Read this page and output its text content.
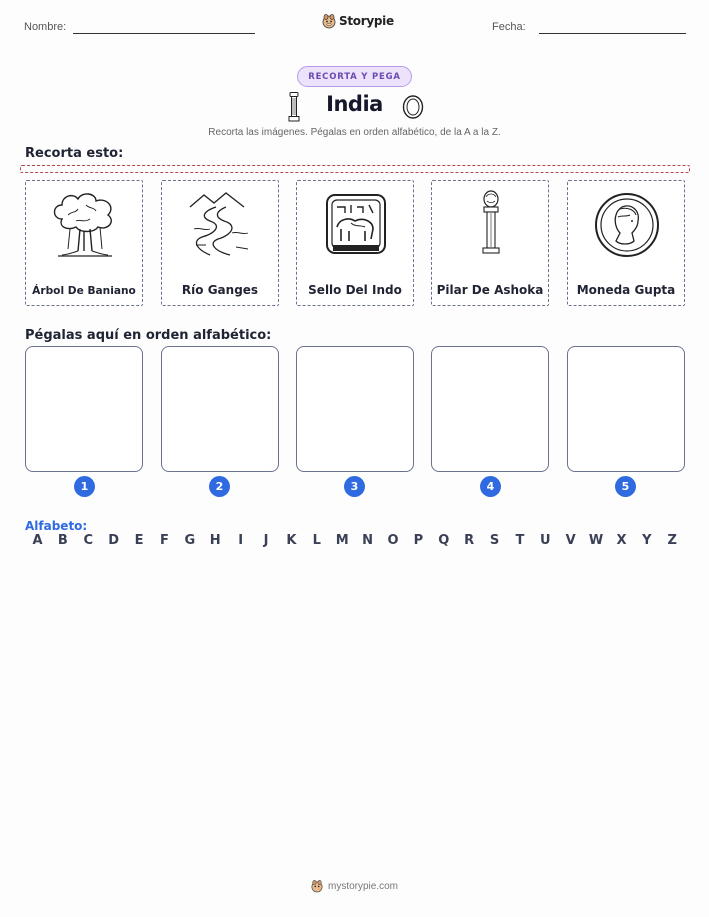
Nombre:	Storypie	Fecha:
RECORTA Y PEGA
India
Recorta las imágenes. Pégalas en orden alfabético, de la A a la Z.
Recorta esto:
Árbol De Baniano	Río Ganges	Sello Del Indo	Pilar De Ashoka	Moneda Gupta
Pégalas aquí en orden alfabético:
1	2	3	4	5
Alfabeto:
A	B	C	D	E	F	G	H	I	J	K	L	M	N	O	P	Q	R	S	T	U	V	W	X	Y	Z
mystorypie.com
